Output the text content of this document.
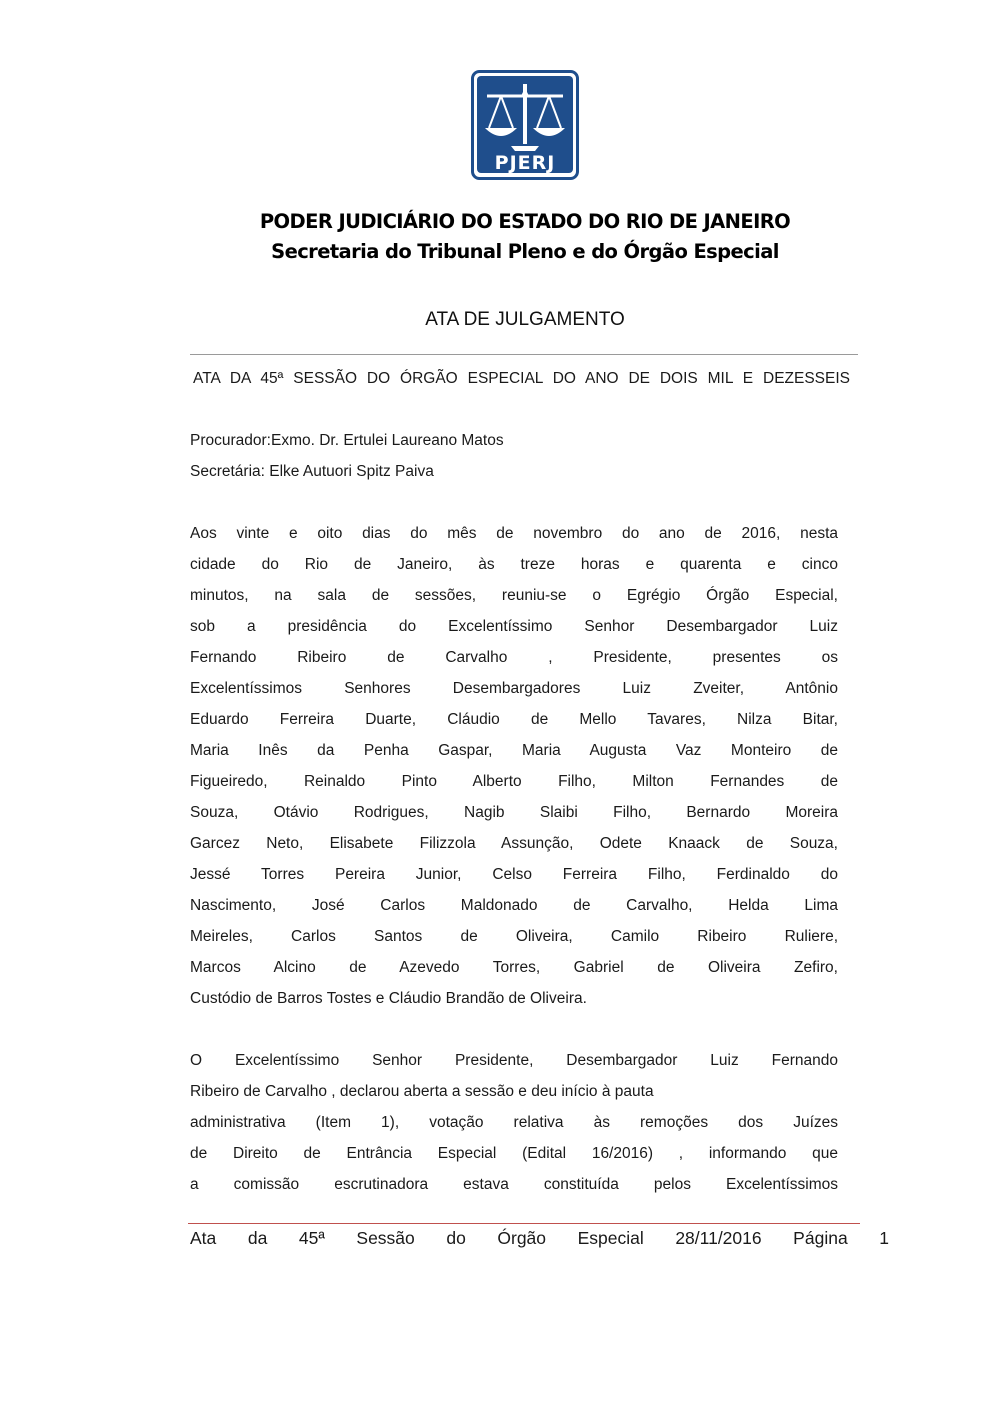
PJERJ
PODER JUDICIÁRIO DO ESTADO DO RIO DE JANEIRO
Secretaria do Tribunal Pleno e do Órgão Especial
ATA DE JULGAMENTO
ATA DA 45ª SESSÃO DO ÓRGÃO ESPECIAL DO ANO DE DOIS MIL E DEZESSEIS
Procurador:Exmo. Dr. Ertulei Laureano Matos
Secretária: Elke Autuori Spitz Paiva
Aos vinte e oito dias do mês de novembro do ano de 2016, nesta
cidade do Rio de Janeiro, às treze horas e quarenta e cinco
minutos, na sala de sessões, reuniu-se o Egrégio Órgão Especial,
sob a presidência do Excelentíssimo Senhor Desembargador Luiz
Fernando Ribeiro de Carvalho , Presidente, presentes os
Excelentíssimos Senhores Desembargadores Luiz Zveiter, Antônio
Eduardo Ferreira Duarte, Cláudio de Mello Tavares, Nilza Bitar,
Maria Inês da Penha Gaspar, Maria Augusta Vaz Monteiro de
Figueiredo, Reinaldo Pinto Alberto Filho, Milton Fernandes de
Souza, Otávio Rodrigues, Nagib Slaibi Filho, Bernardo Moreira
Garcez Neto, Elisabete Filizzola Assunção, Odete Knaack de Souza,
Jessé Torres Pereira Junior, Celso Ferreira Filho, Ferdinaldo do
Nascimento, José Carlos Maldonado de Carvalho, Helda Lima
Meireles, Carlos Santos de Oliveira, Camilo Ribeiro Ruliere,
Marcos Alcino de Azevedo Torres, Gabriel de Oliveira Zefiro,
Custódio de Barros Tostes e Cláudio Brandão de Oliveira.
O Excelentíssimo Senhor Presidente, Desembargador Luiz Fernando
Ribeiro de Carvalho , declarou aberta a sessão e deu início à pauta
administrativa (Item 1), votação relativa às remoções dos Juízes
de Direito de Entrância Especial (Edital 16/2016) , informando que
a comissão escrutinadora estava constituída pelos Excelentíssimos
Ata da 45ª Sessão do Órgão Especial 28/11/2016 Página 1
